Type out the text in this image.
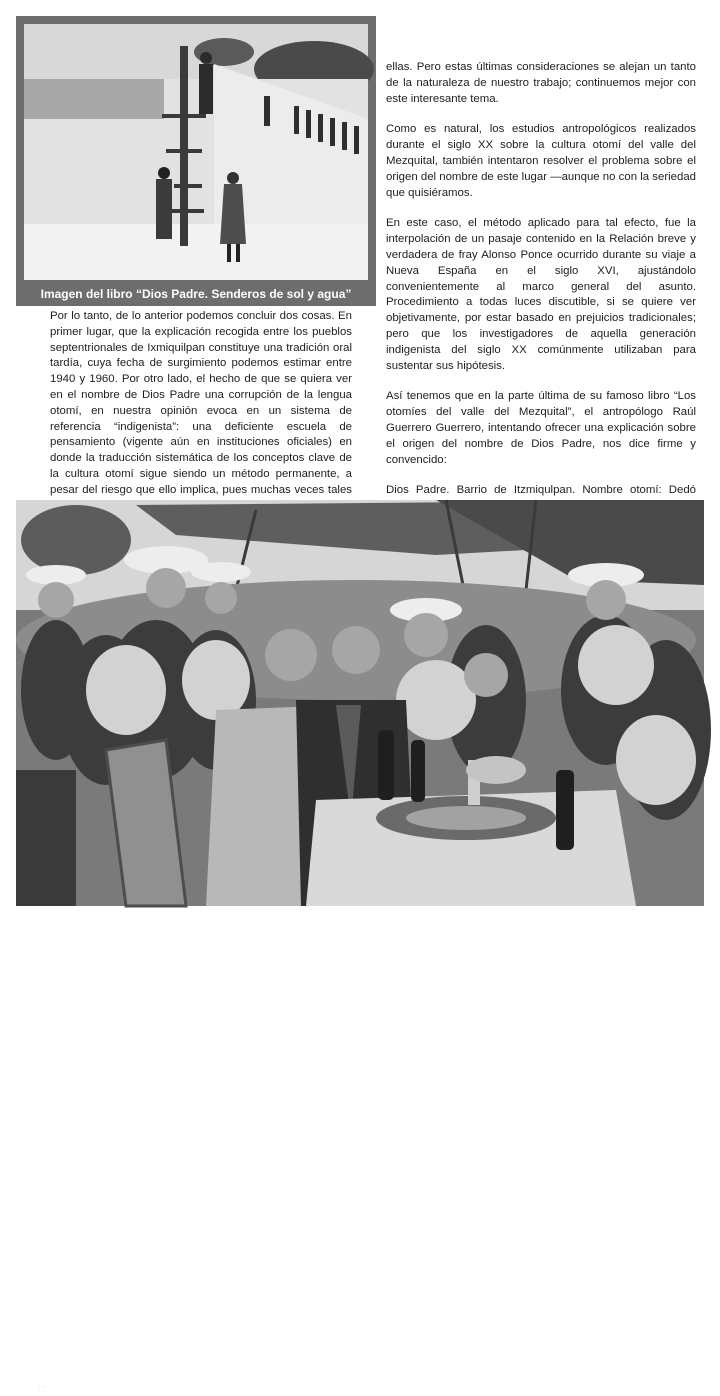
Imagen del libro “Dios Padre. Senderos de sol y agua”

Por lo tanto, de lo anterior podemos concluir dos cosas. En primer lugar, que la explicación recogida entre los pueblos septentrionales de Ixmiquilpan constituye una tradición oral tardía, cuya fecha de surgimiento podemos estimar entre 1940 y 1960. Por otro lado, el hecho de que se quiera ver en el nombre de Dios Padre una corrupción de la lengua otomí, en nuestra opinión evoca en un sistema de referencia “indigenista”: una deficiente escuela de pensamiento (vigente aún en instituciones oficiales) en donde la traducción sistemática de los conceptos clave de la cultura otomí sigue siendo un método permanente, a pesar del riesgo que ello implica, pues muchas veces tales

ellas. Pero estas últimas consideraciones se alejan un tanto de la naturaleza de nuestro trabajo; continuemos mejor con este interesante tema.

Como es natural, los estudios antropológicos realizados durante el siglo XX sobre la cultura otomí del valle del Mezquital, también intentaron resolver el problema sobre el origen del nombre de este lugar —aunque no con la seriedad que quisiéramos.

En este caso, el método aplicado para tal efecto, fue la interpolación de un pasaje contenido en la Relación breve y verdadera de fray Alonso Ponce ocurrido durante su viaje a Nueva España en el siglo XVI, ajustándolo convenientemente al marco general del asunto. Procedimiento a todas luces discutible, si se quiere ver objetivamente, por estar basado en prejuicios tradicionales; pero que los investigadores de aquella generación indigenista del siglo XX comúnmente utilizaban para sustentar sus hipótesis.

Así tenemos que en la parte última de su famoso libro “Los otomíes del valle del Mezquital”, el antropólogo Raúl Guerrero Guerrero, intentando ofrecer una explicación sobre el origen del nombre de Dios Padre, nos dice firme y convencido:

Dios Padre. Barrio de Itzmiqulpan. Nombre otomí: Dedó

17
